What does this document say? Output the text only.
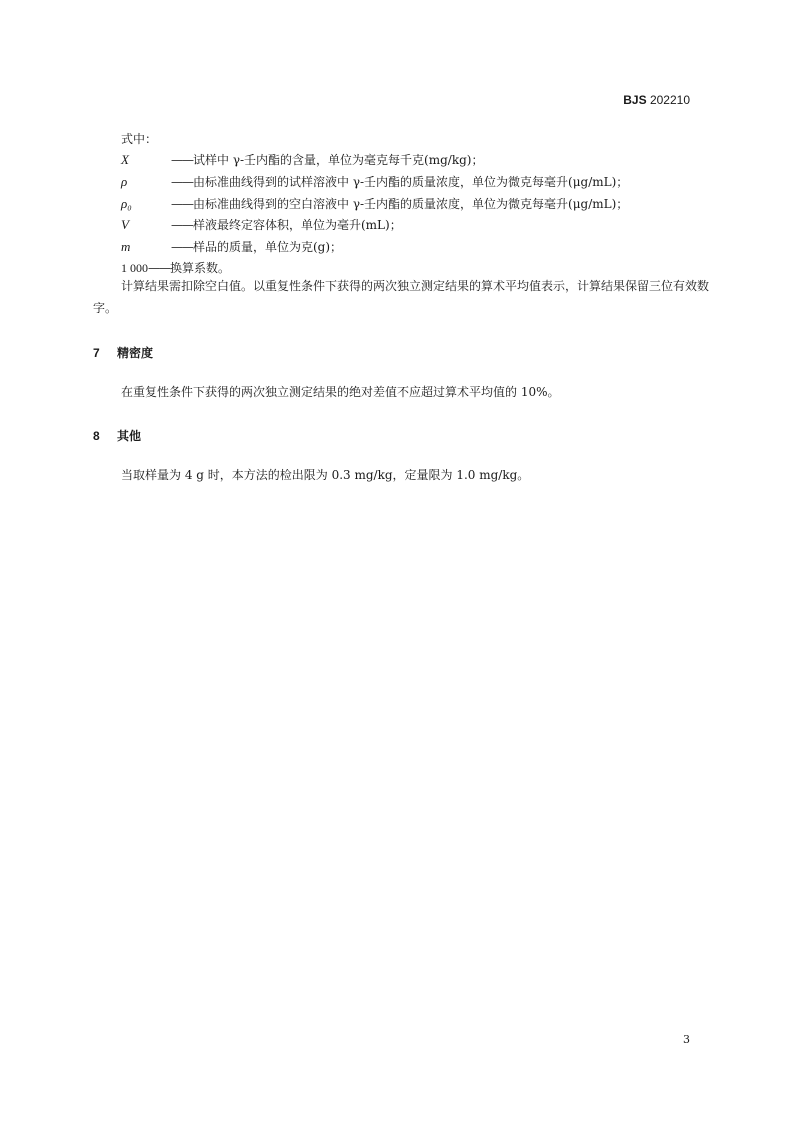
BJS 202210
式中：
X	——试样中 γ-壬内酯的含量，单位为毫克每千克(mg/kg)；
ρ	——由标准曲线得到的试样溶液中 γ-壬内酯的质量浓度，单位为微克每毫升(μg/mL)；
ρ₀	——由标准曲线得到的空白溶液中 γ-壬内酯的质量浓度，单位为微克每毫升(μg/mL)；
V	——样液最终定容体积，单位为毫升(mL)；
m	——样品的质量，单位为克(g)；
1 000——换算系数。
计算结果需扣除空白值。以重复性条件下获得的两次独立测定结果的算术平均值表示，计算结果保留三位有效数字。
7 精密度
在重复性条件下获得的两次独立测定结果的绝对差值不应超过算术平均值的 10%。
8 其他
当取样量为 4 g 时，本方法的检出限为 0.3 mg/kg，定量限为 1.0 mg/kg。
3
